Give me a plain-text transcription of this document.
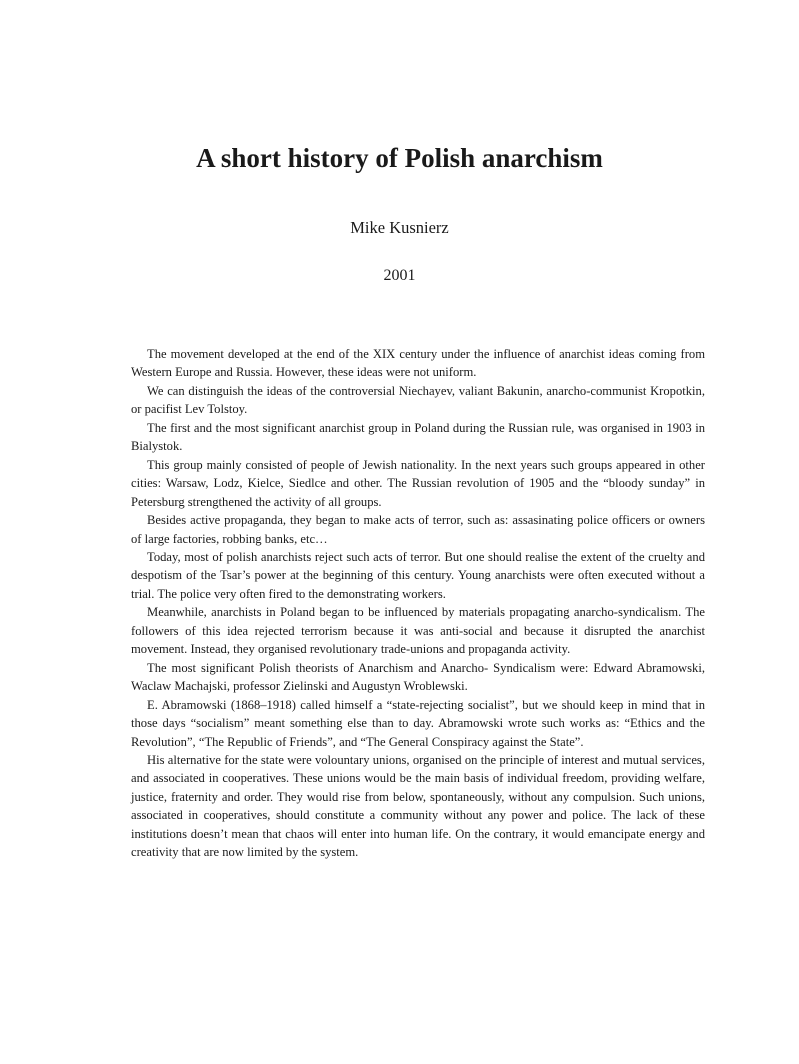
A short history of Polish anarchism
Mike Kusnierz
2001

The movement developed at the end of the XIX century under the influence of anarchist ideas coming from Western Europe and Russia. However, these ideas were not uniform.

We can distinguish the ideas of the controversial Niechayev, valiant Bakunin, anarcho-communist Kropotkin, or pacifist Lev Tolstoy.

The first and the most significant anarchist group in Poland during the Russian rule, was organised in 1903 in Bialystok.

This group mainly consisted of people of Jewish nationality. In the next years such groups appeared in other cities: Warsaw, Lodz, Kielce, Siedlce and other. The Russian revolution of 1905 and the “bloody sunday” in Petersburg strengthened the activity of all groups.

Besides active propaganda, they began to make acts of terror, such as: assasinating police officers or owners of large factories, robbing banks, etc…

Today, most of polish anarchists reject such acts of terror. But one should realise the extent of the cruelty and despotism of the Tsar’s power at the beginning of this century. Young anarchists were often executed without a trial. The police very often fired to the demonstrating workers.

Meanwhile, anarchists in Poland began to be influenced by materials propagating anarcho-syndicalism. The followers of this idea rejected terrorism because it was anti-social and because it disrupted the anarchist movement. Instead, they organised revolutionary trade-unions and propaganda activity.

The most significant Polish theorists of Anarchism and Anarcho- Syndicalism were: Edward Abramowski, Waclaw Machajski, professor Zielinski and Augustyn Wroblewski.

E. Abramowski (1868–1918) called himself a “state-rejecting socialist”, but we should keep in mind that in those days “socialism” meant something else than to day. Abramowski wrote such works as: “Ethics and the Revolution”, “The Republic of Friends”, and “The General Conspiracy against the State”.

His alternative for the state were volountary unions, organised on the principle of interest and mutual services, and associated in cooperatives. These unions would be the main basis of individual freedom, providing welfare, justice, fraternity and order. They would rise from below, spontaneously, without any compulsion. Such unions, associated in cooperatives, should constitute a community without any power and police. The lack of these institutions doesn’t mean that chaos will enter into human life. On the contrary, it would emancipate energy and creativity that are now limited by the system.
